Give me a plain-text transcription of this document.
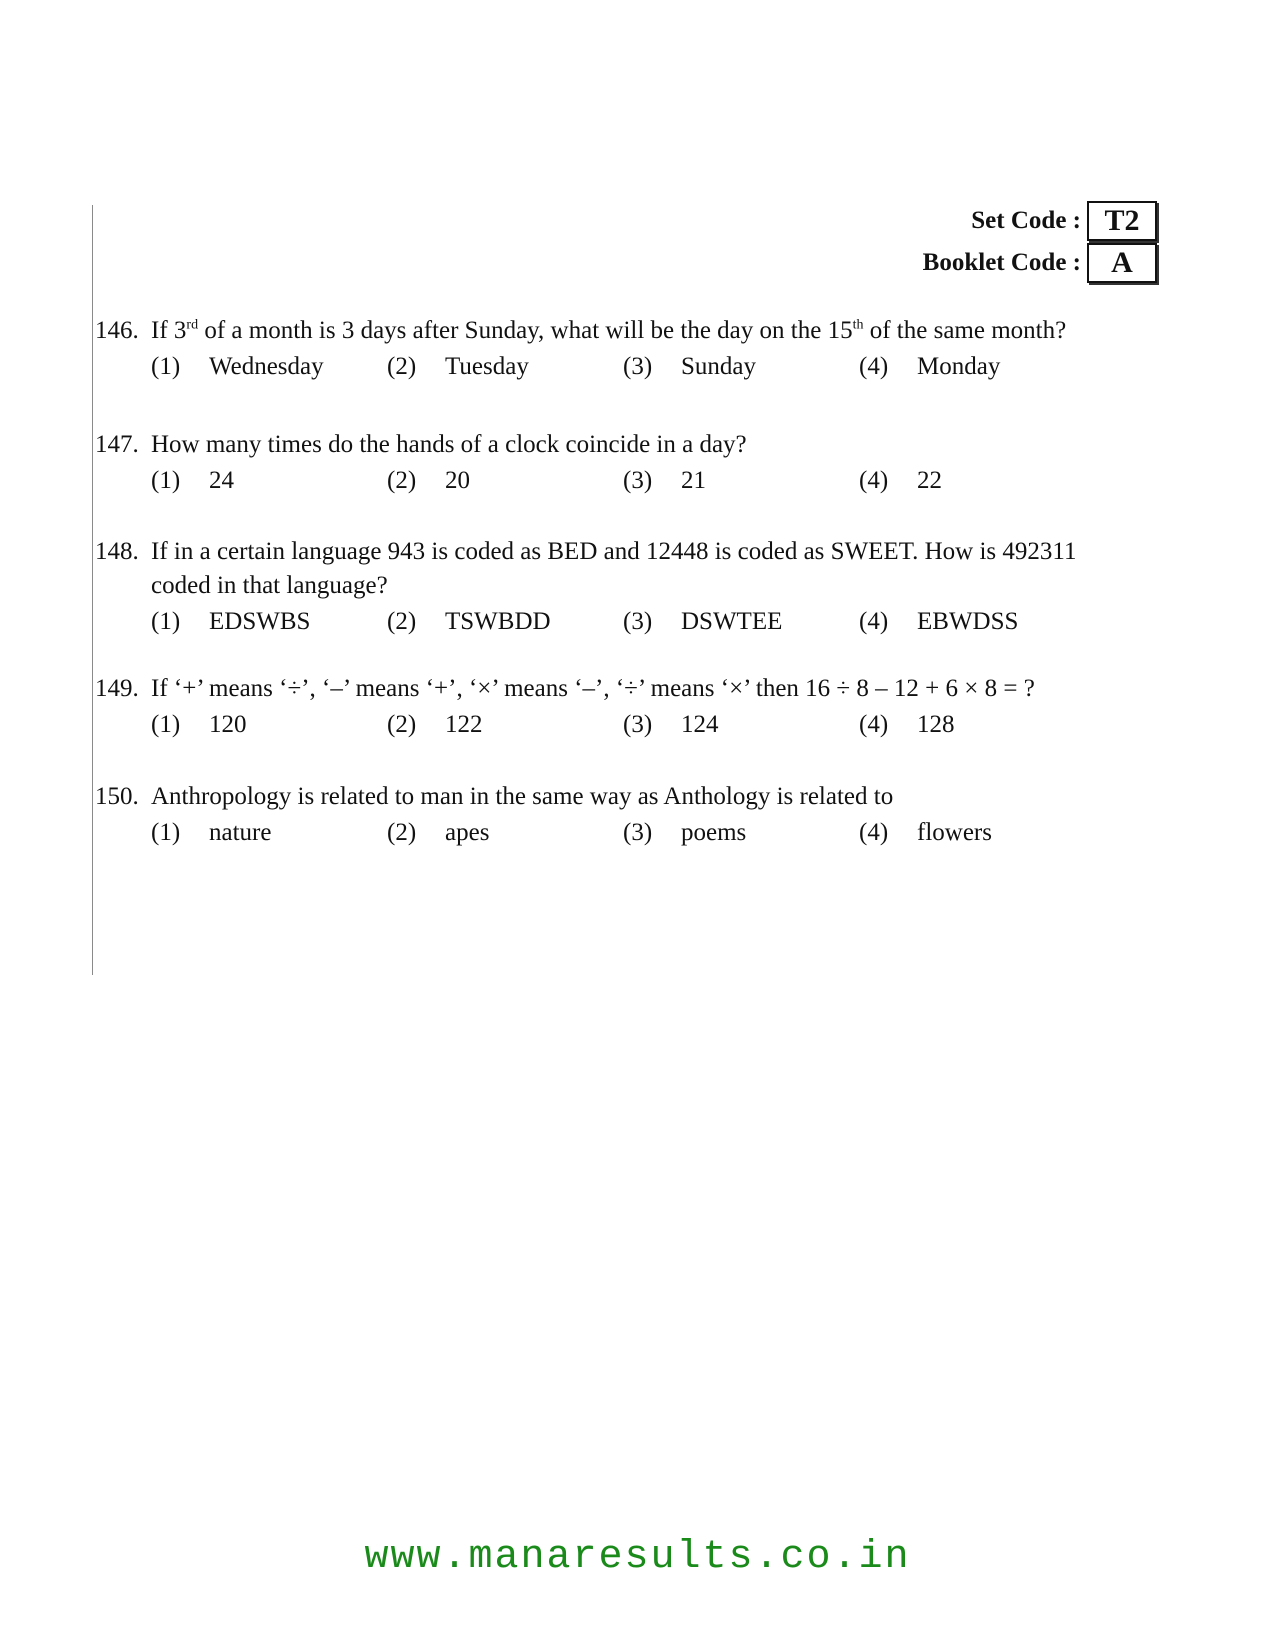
Set Code : T2
Booklet Code :	A
146. If 3rd of a month is 3 days after Sunday, what will be the day on the 15th of the same month?
(1)	Wednesday	(2)	Tuesday	(3)	Sunday	(4)	Monday
147. How many times do the hands of a clock coincide in a day?
(1)	24	(2)	20	(3)	21	(4)	22
148. If in a certain language 943 is coded as BED and 12448 is coded as SWEET. How is 492311
coded in that language?
(1)	EDSWBS	(2)	TSWBDD	(3)	DSWTEE	(4)	EBWDSS
149. If ‘+’ means ‘÷’, ‘–’ means ‘+’, ‘×’ means ‘–’, ‘÷’ means ‘×’ then 16 ÷ 8 – 12 + 6 × 8 = ?
(1)	120	(2)	122	(3)	124	(4)	128
150. Anthropology is related to man in the same way as Anthology is related to
(1)	nature	(2)	apes	(3)	poems	(4)	flowers
www.manaresults.co.in
